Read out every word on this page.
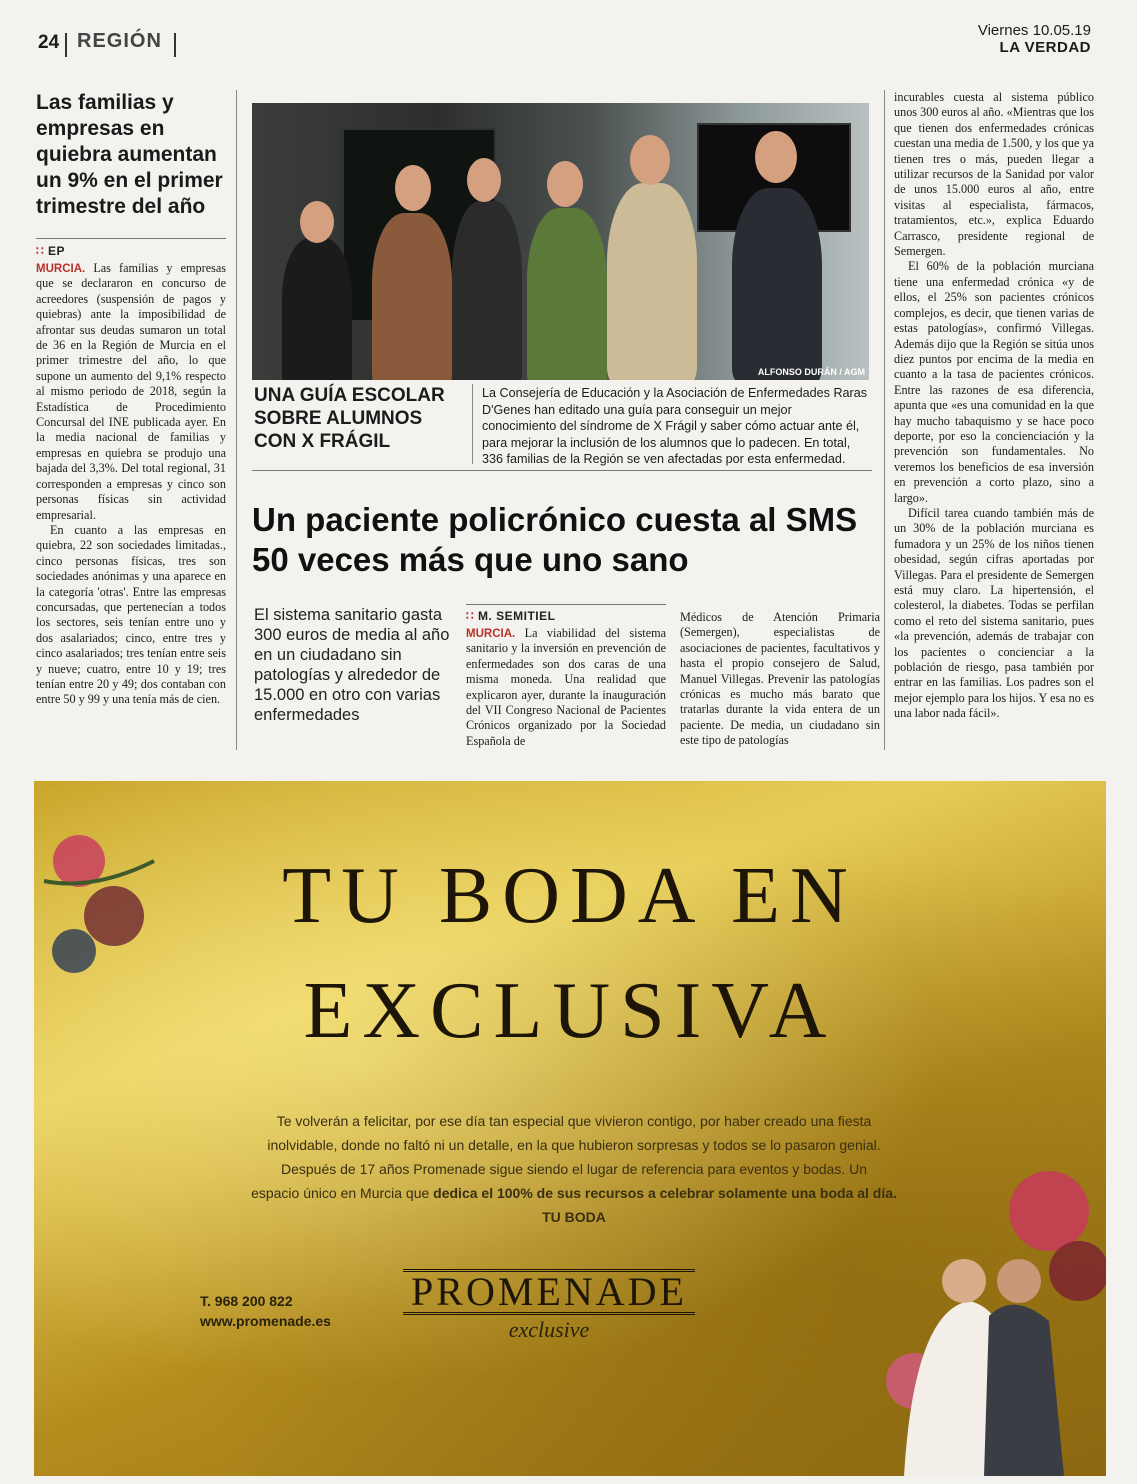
24 REGIÓN	Viernes 10.05.19
LA VERDAD
Las familias y empresas en quiebra aumentan un 9% en el primer trimestre del año
∷ EP

MURCIA. Las familias y empresas que se declararon en concurso de acreedores (suspensión de pagos y quiebras) ante la imposibilidad de afrontar sus deudas sumaron un total de 36 en la Región de Murcia en el primer trimestre del año, lo que supone un aumento del 9,1% respecto al mismo periodo de 2018, según la Estadística de Procedimiento Concursal del INE publicada ayer. En la media nacional de familias y empresas en quiebra se produjo una bajada del 3,3%. Del total regional, 31 corresponden a empresas y cinco son personas físicas sin actividad empresarial.

En cuanto a las empresas en quiebra, 22 son sociedades limitadas., cinco personas físicas, tres son sociedades anónimas y una aparece en la categoría 'otras'. Entre las empresas concursadas, que pertenecían a todos los sectores, seis tenían entre uno y dos asalariados; cinco, entre tres y cinco asalariados; tres tenían entre seis y nueve; cuatro, entre 10 y 19; tres tenían entre 20 y 49; dos contaban con entre 50 y 99 y una tenía más de cien.

ALFONSO DURÁN / AGM
UNA GUÍA ESCOLAR SOBRE ALUMNOS CON X FRÁGIL
La Consejería de Educación y la Asociación de Enfermedades Raras D'Genes han editado una guía para conseguir un mejor conocimiento del síndrome de X Frágil y saber cómo actuar ante él, para mejorar la inclusión de los alumnos que lo padecen. En total, 336 familias de la Región se ven afectadas por esta enfermedad.
Un paciente policrónico cuesta al SMS 50 veces más que uno sano
El sistema sanitario gasta 300 euros de media al año en un ciudadano sin patologías y alrededor de 15.000 en otro con varias enfermedades
∷ M. SEMITIEL

MURCIA. La viabilidad del sistema sanitario y la inversión en prevención de enfermedades son dos caras de una misma moneda. Una realidad que explicaron ayer, durante la inauguración del VII Congreso Nacional de Pacientes Crónicos organizado por la Sociedad Española de

Médicos de Atención Primaria (Semergen), especialistas de asociaciones de pacientes, facultativos y hasta el propio consejero de Salud, Manuel Villegas. Prevenir las patologías crónicas es mucho más barato que tratarlas durante la vida entera de un paciente. De media, un ciudadano sin este tipo de patologías

incurables cuesta al sistema público unos 300 euros al año. «Mientras que los que tienen dos enfermedades crónicas cuestan una media de 1.500, y los que ya tienen tres o más, pueden llegar a utilizar recursos de la Sanidad por valor de unos 15.000 euros al año, entre visitas al especialista, fármacos, tratamientos, etc.», explica Eduardo Carrasco, presidente regional de Semergen.

El 60% de la población murciana tiene una enfermedad crónica «y de ellos, el 25% son pacientes crónicos complejos, es decir, que tienen varias de estas patologías», confirmó Villegas. Además dijo que la Región se sitúa unos diez puntos por encima de la media en cuanto a la tasa de pacientes crónicos. Entre las razones de esa diferencia, apunta que «es una comunidad en la que hay mucho tabaquismo y se hace poco deporte, por eso la concienciación y la prevención son fundamentales. No veremos los beneficios de esa inversión en prevención a corto plazo, sino a largo».

Difícil tarea cuando también más de un 30% de la población murciana es fumadora y un 25% de los niños tienen obesidad, según cifras aportadas por Villegas. Para el presidente de Semergen está muy claro. La hipertensión, el colesterol, la diabetes. Todas se perfilan como el reto del sistema sanitario, pues «la prevención, además de trabajar con los pacientes o concienciar a la población de riesgo, pasa también por entrar en las familias. Los padres son el mejor ejemplo para los hijos. Y esa no es una labor nada fácil».

TU BODA EN
EXCLUSIVA
Te volverán a felicitar, por ese día tan especial que vivieron contigo, por haber creado una fiesta
inolvidable, donde no faltó ni un detalle, en la que hubieron sorpresas y todos se lo pasaron genial.
Después de 17 años Promenade sigue siendo el lugar de referencia para eventos y bodas. Un
espacio único en Murcia que dedica el 100% de sus recursos a celebrar solamente una boda al día.
TU BODA
T. 968 200 822
www.promenade.es
PROMENADE
exclusive
